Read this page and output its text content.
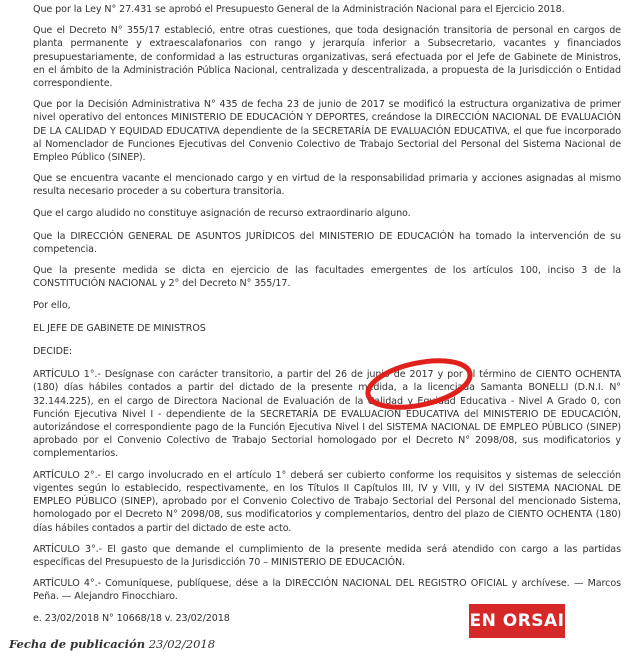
Que por la Ley N° 27.431 se aprobó el Presupuesto General de la Administración Nacional para el Ejercicio 2018.

Que el Decreto N° 355/17 estableció, entre otras cuestiones, que toda designación transitoria de personal en cargos de planta permanente y extraescalafonarios con rango y jerarquía inferior a Subsecretario, vacantes y financiados presupuestariamente, de conformidad a las estructuras organizativas, será efectuada por el Jefe de Gabinete de Ministros, en el ámbito de la Administración Pública Nacional, centralizada y descentralizada, a propuesta de la Jurisdicción o Entidad correspondiente.

Que por la Decisión Administrativa N° 435 de fecha 23 de junio de 2017 se modificó la estructura organizativa de primer nivel operativo del entonces MINISTERIO DE EDUCACIÓN Y DEPORTES, creándose la DIRECCIÓN NACIONAL DE EVALUACIÓN DE LA CALIDAD Y EQUIDAD EDUCATIVA dependiente de la SECRETARÍA DE EVALUACIÓN EDUCATIVA, el que fue incorporado al Nomenclador de Funciones Ejecutivas del Convenio Colectivo de Trabajo Sectorial del Personal del Sistema Nacional de Empleo Público (SINEP).

Que se encuentra vacante el mencionado cargo y en virtud de la responsabilidad primaria y acciones asignadas al mismo resulta necesario proceder a su cobertura transitoria.

Que el cargo aludido no constituye asignación de recurso extraordinario alguno.

Que la DIRECCIÓN GENERAL DE ASUNTOS JURÍDICOS del MINISTERIO DE EDUCACIÓN ha tomado la intervención de su competencia.

Que la presente medida se dicta en ejercicio de las facultades emergentes de los artículos 100, inciso 3 de la CONSTITUCIÓN NACIONAL y 2° del Decreto N° 355/17.

Por ello,

EL JEFE DE GABINETE DE MINISTROS

DECIDE:

ARTÍCULO 1°.- Desígnase con carácter transitorio, a partir del 26 de junio de 2017 y por el término de CIENTO OCHENTA (180) días hábiles contados a partir del dictado de la presente medida, a la licenciada Samanta BONELLI (D.N.I. N° 32.144.225), en el cargo de Directora Nacional de Evaluación de la Calidad y Equidad Educativa - Nivel A Grado 0, con Función Ejecutiva Nivel I - dependiente de la SECRETARÍA DE EVALUACIÓN EDUCATIVA del MINISTERIO DE EDUCACIÓN, autorizándose el correspondiente pago de la Función Ejecutiva Nivel I del SISTEMA NACIONAL DE EMPLEO PÚBLICO (SINEP) aprobado por el Convenio Colectivo de Trabajo Sectorial homologado por el Decreto N° 2098/08, sus modificatorios y complementarios.

ARTÍCULO 2°.- El cargo involucrado en el artículo 1° deberá ser cubierto conforme los requisitos y sistemas de selección vigentes según lo establecido, respectivamente, en los Títulos II Capítulos III, IV y VIII, y IV del SISTEMA NACIONAL DE EMPLEO PÚBLICO (SINEP), aprobado por el Convenio Colectivo de Trabajo Sectorial del Personal del mencionado Sistema, homologado por el Decreto N° 2098/08, sus modificatorios y complementarios, dentro del plazo de CIENTO OCHENTA (180) días hábiles contados a partir del dictado de este acto.

ARTÍCULO 3°.- El gasto que demande el cumplimiento de la presente medida será atendido con cargo a las partidas específicas del Presupuesto de la Jurisdicción 70 – MINISTERIO DE EDUCACIÓN.

ARTÍCULO 4°.- Comuníquese, publíquese, dése a la DIRECCIÓN NACIONAL DEL REGISTRO OFICIAL y archívese. — Marcos Peña. — Alejandro Finocchiaro.

e. 23/02/2018 N° 10668/18 v. 23/02/2018	EN ORSAI
Fecha de publicación 23/02/2018
